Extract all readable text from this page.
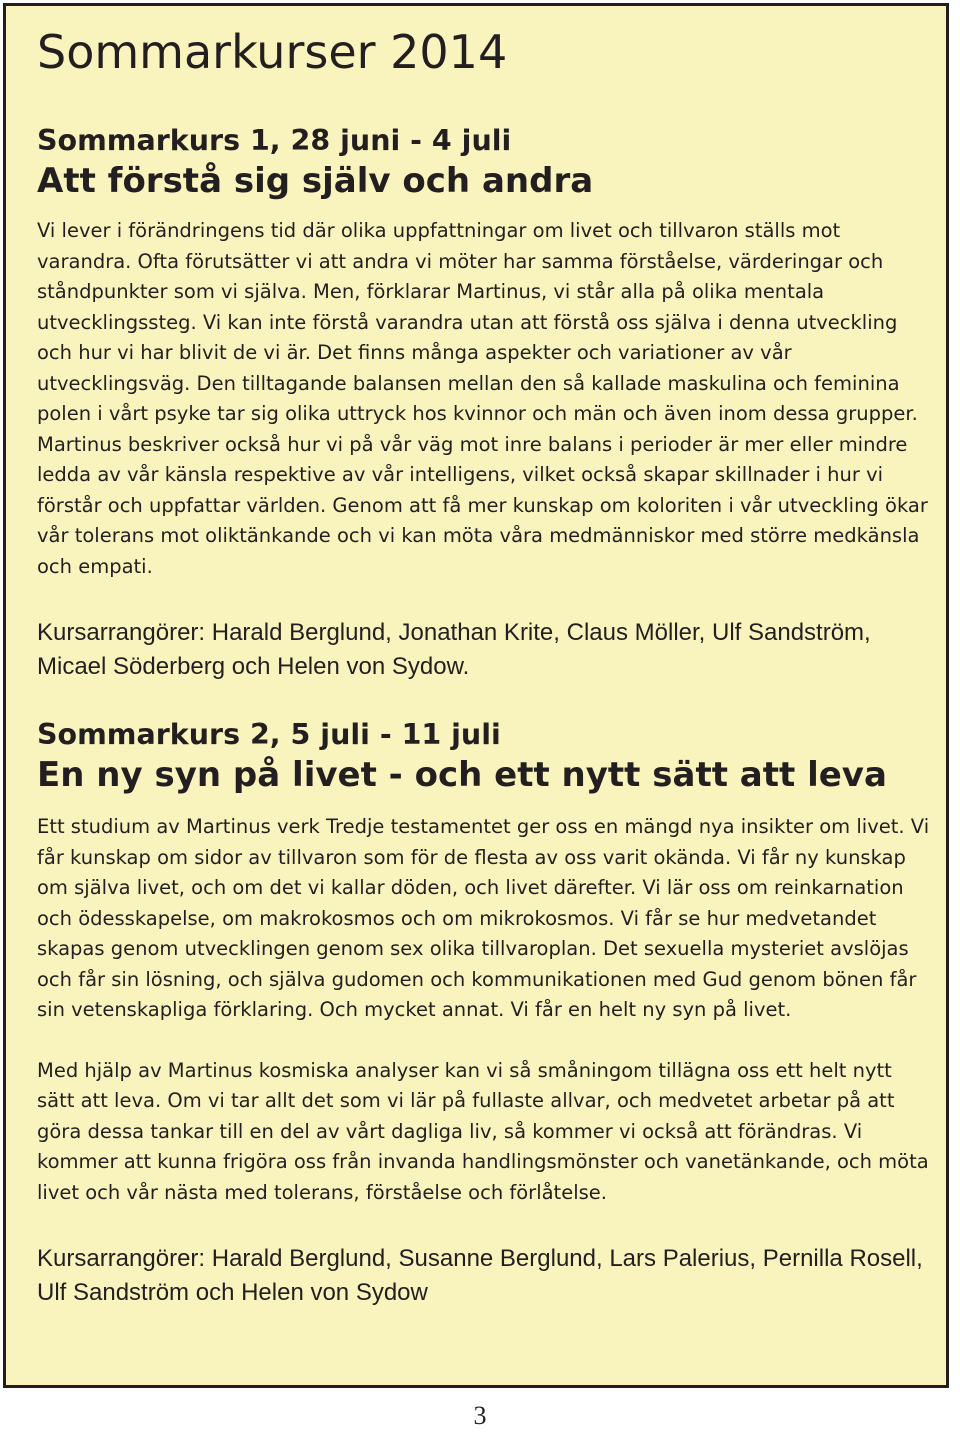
Sommarkurser 2014
Sommarkurs 1, 28 juni - 4 juli
Att förstå sig själv och andra

Vi lever i förändringens tid där olika uppfattningar om livet och tillvaron ställs mot varandra. Ofta förutsätter vi att andra vi möter har samma förståelse, värderingar och ståndpunkter som vi själva. Men, förklarar Martinus, vi står alla på olika mentala utvecklingssteg. Vi kan inte förstå varandra utan att förstå oss själva i denna utveckling och hur vi har blivit de vi är. Det finns många aspekter och variationer av vår utvecklingsväg. Den tilltagande balansen mellan den så kallade maskulina och feminina polen i vårt psyke tar sig olika uttryck hos kvinnor och män och även inom dessa grupper. Martinus beskriver också hur vi på vår väg mot inre balans i perioder är mer eller mindre ledda av vår känsla respektive av vår intelligens, vilket också skapar skillnader i hur vi förstår och uppfattar världen. Genom att få mer kunskap om koloriten i vår utveckling ökar vår tolerans mot oliktänkande och vi kan möta våra medmänniskor med större medkänsla och empati.

Kursarrangörer: Harald Berglund, Jonathan Krite, Claus Möller, Ulf Sandström, Micael Söderberg och Helen von Sydow.

Sommarkurs 2, 5 juli - 11 juli
En ny syn på livet - och ett nytt sätt att leva

Ett studium av Martinus verk Tredje testamentet ger oss en mängd nya insikter om livet. Vi får kunskap om sidor av tillvaron som för de flesta av oss varit okända. Vi får ny kunskap om själva livet, och om det vi kallar döden, och livet därefter. Vi lär oss om reinkarnation och ödesskapelse, om makrokosmos och om mikrokosmos. Vi får se hur medvetandet skapas genom utvecklingen genom sex olika tillvaroplan. Det sexuella mysteriet avslöjas och får sin lösning, och själva gudomen och kommunikationen med Gud genom bönen får sin vetenskapliga förklaring. Och mycket annat. Vi får en helt ny syn på livet.

Med hjälp av Martinus kosmiska analyser kan vi så småningom tillägna oss ett helt nytt sätt att leva. Om vi tar allt det som vi lär på fullaste allvar, och medvetet arbetar på att göra dessa tankar till en del av vårt dagliga liv, så kommer vi också att förändras. Vi kommer att kunna frigöra oss från invanda handlingsmönster och vanetänkande, och möta livet och vår nästa med tolerans, förståelse och förlåtelse.

Kursarrangörer: Harald Berglund, Susanne Berglund, Lars Palerius, Pernilla Rosell, Ulf Sandström och Helen von Sydow

3
